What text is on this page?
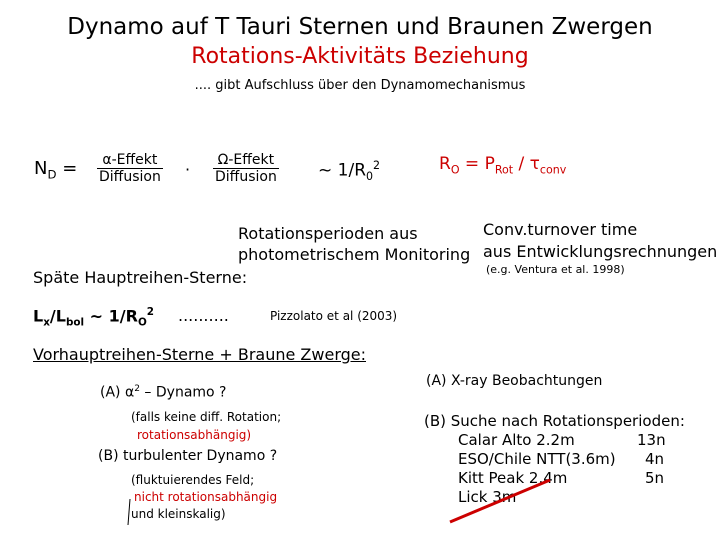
Dynamo auf T Tauri Sternen und Braunen Zwergen
Rotations-Aktivitäts Beziehung
.... gibt Aufschluss über den Dynamomechanismus
$N_D$ =	α-Effekt
Diffusion ·	Ω-Effekt
Diffusion ~ $1/R_0^2$	$R_O = P_{Rot} / \tau_{conv}$
Rotationsperioden aus
photometrischem Monitoring
Conv.turnover time
aus Entwicklungsrechnungen
(e.g. Ventura et al. 1998)
Späte Hauptreihen-Sterne:
$L_x/L_{bol}$ ~ $1/R_O^2$ ..........	Pizzolato et al (2003)
Vorhauptreihen-Sterne + Braune Zwerge:
(A) $\alpha^2$ – Dynamo ?
(falls keine diff. Rotation;
rotationsabhängig)
(B) turbulenter Dynamo ?
(fluktuierendes Feld;
nicht rotationsabhängig
und kleinskalig)
(A) X-ray Beobachtungen
(B) Suche nach Rotationsperioden:
Calar Alto 2.2m	13n
ESO/Chile NTT(3.6m) 4n
Kitt Peak 2.4m	5n
Lick 3m
